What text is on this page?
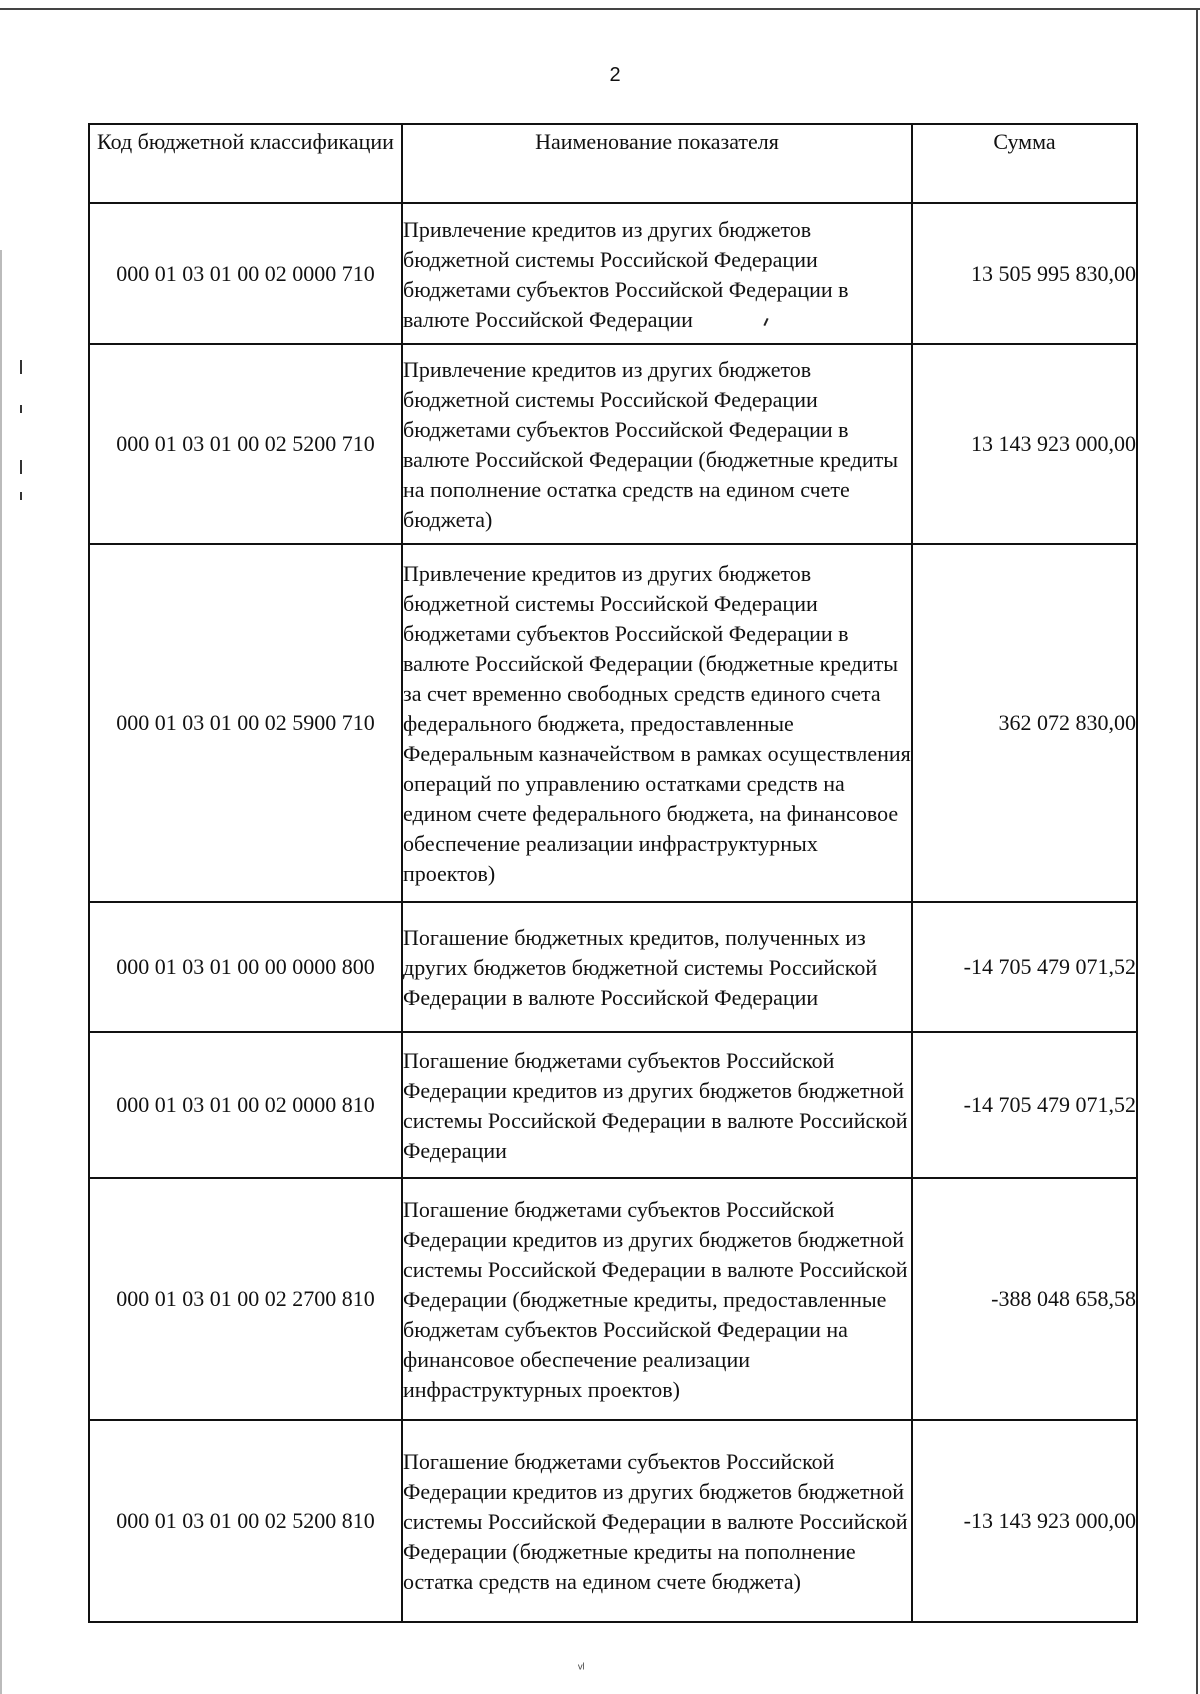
2
Код бюджетной классификации	Наименование показателя	Сумма
000 01 03 01 00 02 0000 710	Привлечение кредитов из других бюджетов бюджетной системы Российской Федерации бюджетами субъектов Российской Федерации в валюте Российской Федерации	13 505 995 830,00
000 01 03 01 00 02 5200 710	Привлечение кредитов из других бюджетов бюджетной системы Российской Федерации бюджетами субъектов Российской Федерации в валюте Российской Федерации (бюджетные кредиты на пополнение остатка средств на едином счете бюджета)	13 143 923 000,00
000 01 03 01 00 02 5900 710	Привлечение кредитов из других бюджетов бюджетной системы Российской Федерации бюджетами субъектов Российской Федерации в валюте Российской Федерации (бюджетные кредиты за счет временно свободных средств единого счета федерального бюджета, предоставленные Федеральным казначейством в рамках осуществления операций по управлению остатками средств на едином счете федерального бюджета, на финансовое обеспечение реализации инфраструктурных проектов)	362 072 830,00
000 01 03 01 00 00 0000 800	Погашение бюджетных кредитов, полученных из других бюджетов бюджетной системы Российской Федерации в валюте Российской Федерации	-14 705 479 071,52
000 01 03 01 00 02 0000 810	Погашение бюджетами субъектов Российской Федерации кредитов из других бюджетов бюджетной системы Российской Федерации в валюте Российской Федерации	-14 705 479 071,52
000 01 03 01 00 02 2700 810	Погашение бюджетами субъектов Российской Федерации кредитов из других бюджетов бюджетной системы Российской Федерации в валюте Российской Федерации (бюджетные кредиты, предоставленные бюджетам субъектов Российской Федерации на финансовое обеспечение реализации инфраструктурных проектов)	-388 048 658,58
000 01 03 01 00 02 5200 810	Погашение бюджетами субъектов Российской Федерации кредитов из других бюджетов бюджетной системы Российской Федерации в валюте Российской Федерации (бюджетные кредиты на пополнение остатка средств на едином счете бюджета)	-13 143 923 000,00
ᵛˡ
